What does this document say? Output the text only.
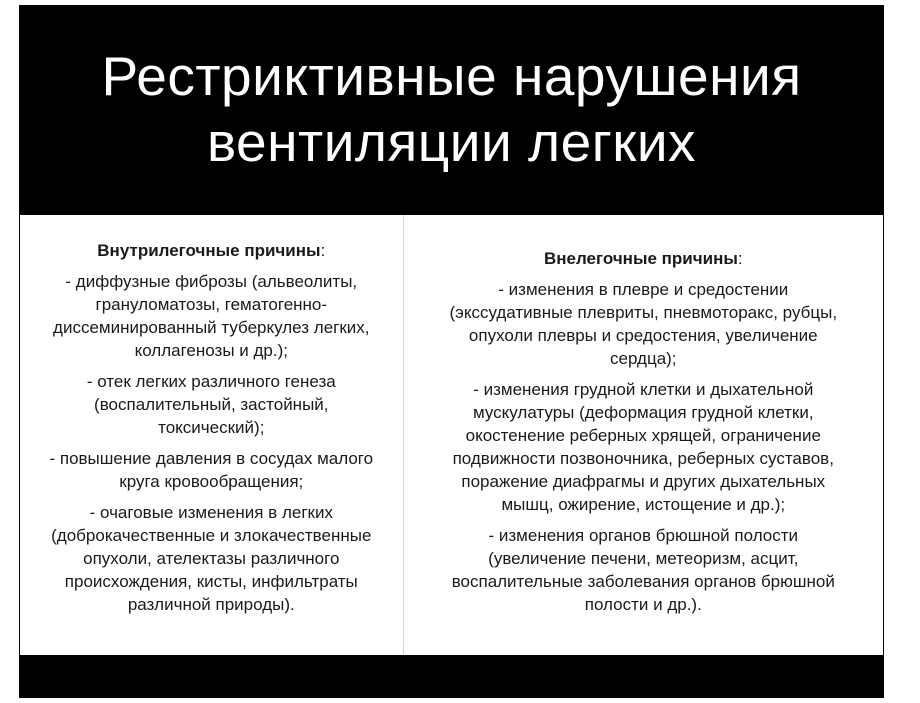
Рестриктивные нарушения
вентиляции легких
Внутрилегочные причины:
- диффузные фиброзы (альвеолиты,
грануломатозы, гематогенно-
диссеминированный туберкулез легких,
коллагенозы и др.);
- отек легких различного генеза
(воспалительный, застойный,
токсический);
- повышение давления в сосудах малого
круга кровообращения;
- очаговые изменения в легких
(доброкачественные и злокачественные
опухоли, ателектазы различного
происхождения, кисты, инфильтраты
различной природы).
Внелегочные причины:
- изменения в плевре и средостении
(экссудативные плевриты, пневмоторакс, рубцы,
опухоли плевры и средостения, увеличение
сердца);
- изменения грудной клетки и дыхательной
мускулатуры (деформация грудной клетки,
окостенение реберных хрящей, ограничение
подвижности позвоночника, реберных суставов,
поражение диафрагмы и других дыхательных
мышц, ожирение, истощение и др.);
- изменения органов брюшной полости
(увеличение печени, метеоризм, асцит,
воспалительные заболевания органов брюшной
полости и др.).
